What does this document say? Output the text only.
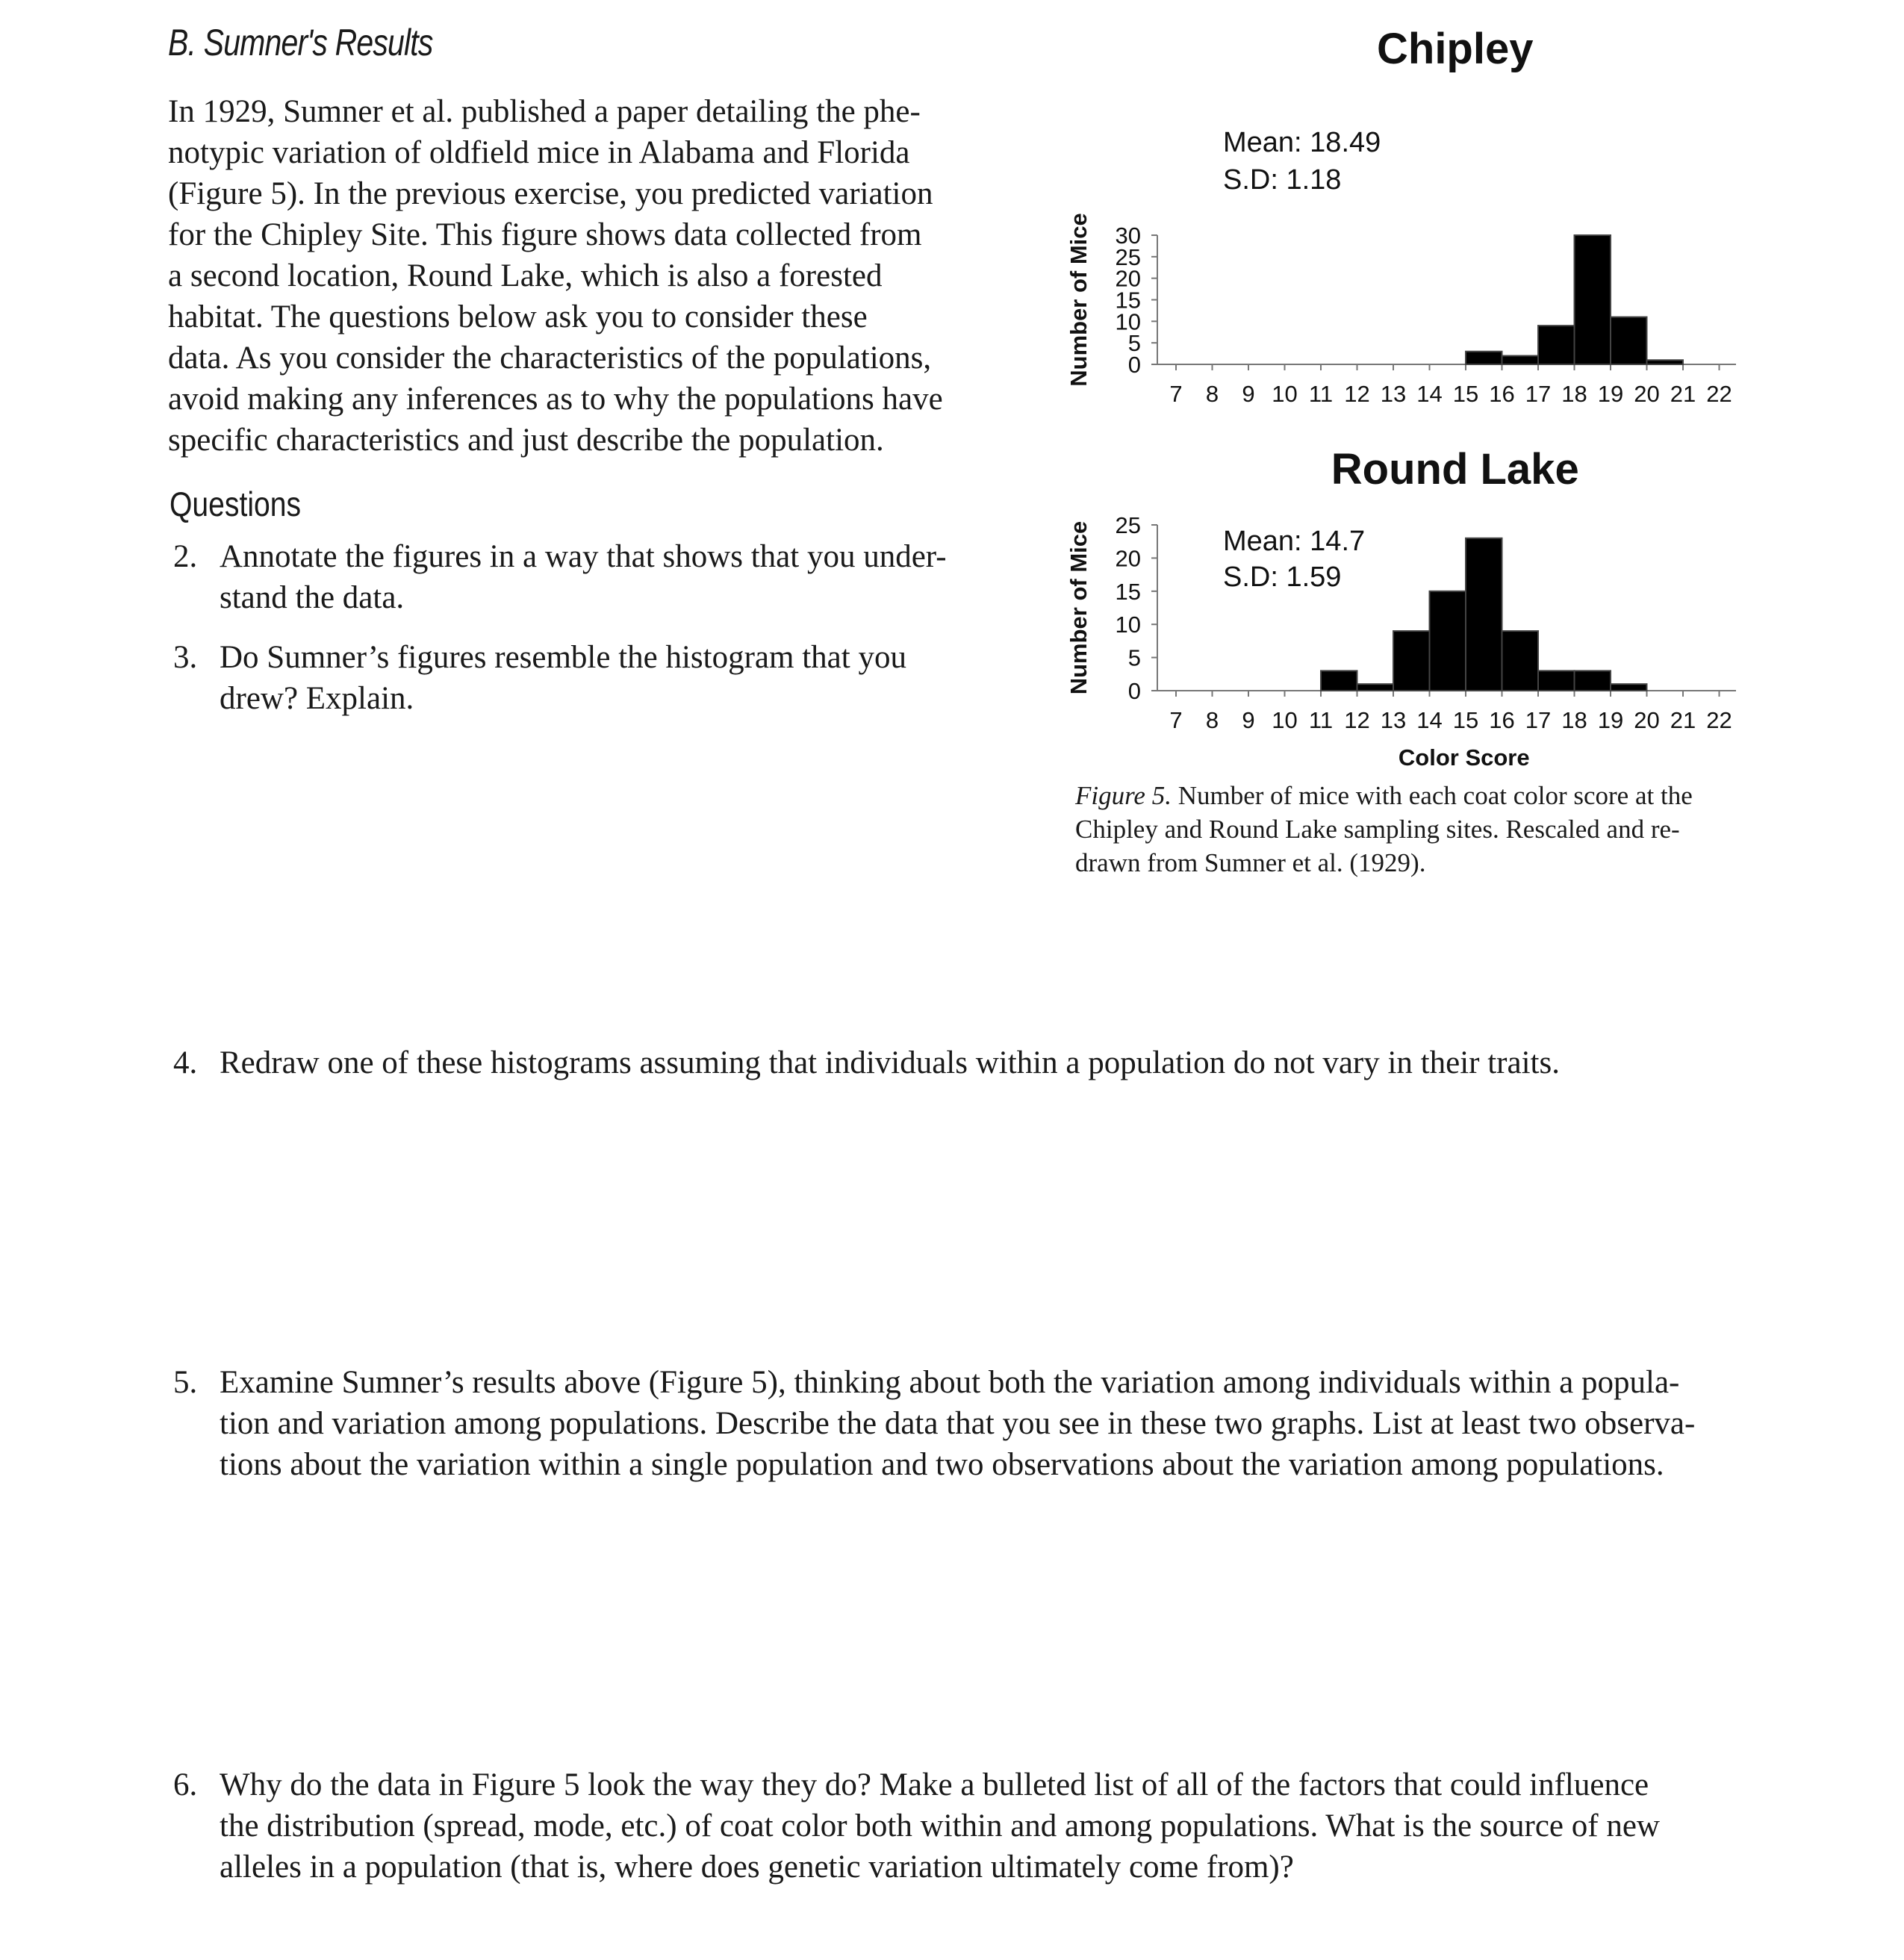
B. Sumner's Results
In 1929, Sumner et al. published a paper detailing the phe-
notypic variation of oldfield mice in Alabama and Florida
(Figure 5). In the previous exercise, you predicted variation
for the Chipley Site. This figure shows data collected from
a second location, Round Lake, which is also a forested
habitat. The questions below ask you to consider these
data. As you consider the characteristics of the populations,
avoid making any inferences as to why the populations have
specific characteristics and just describe the population.
Questions
2. Annotate the figures in a way that shows that you under-
stand the data.
3. Do Sumner’s figures resemble the histogram that you
drew? Explain.
4. Redraw one of these histograms assuming that individuals within a population do not vary in their traits.
5. Examine Sumner’s results above (Figure 5), thinking about both the variation among individuals within a popula-
tion and variation among populations. Describe the data that you see in these two graphs. List at least two observa-
tions about the variation within a single population and two observations about the variation among populations.
6. Why do the data in Figure 5 look the way they do? Make a bulleted list of all of the factors that could influence
the distribution (spread, mode, etc.) of coat color both within and among populations. What is the source of new
alleles in a population (that is, where does genetic variation ultimately come from)?
Chipley
Number of Mice 0
5
10
15
20
25
30
7 8 9 10 11 12 13 14 15 16 17 18 19 20 21 22
Mean: 18.49
S.D: 1.18
Round Lake
Number of Mice 0
5
10
15
20
25
7 8 9 10 11 12 13 14 15 16 17 18 19 20 21 22
Mean: 14.7
S.D: 1.59
Color Score
Figure 5. Number of mice with each coat color score at the
Chipley and Round Lake sampling sites. Rescaled and re-
drawn from Sumner et al. (1929).
